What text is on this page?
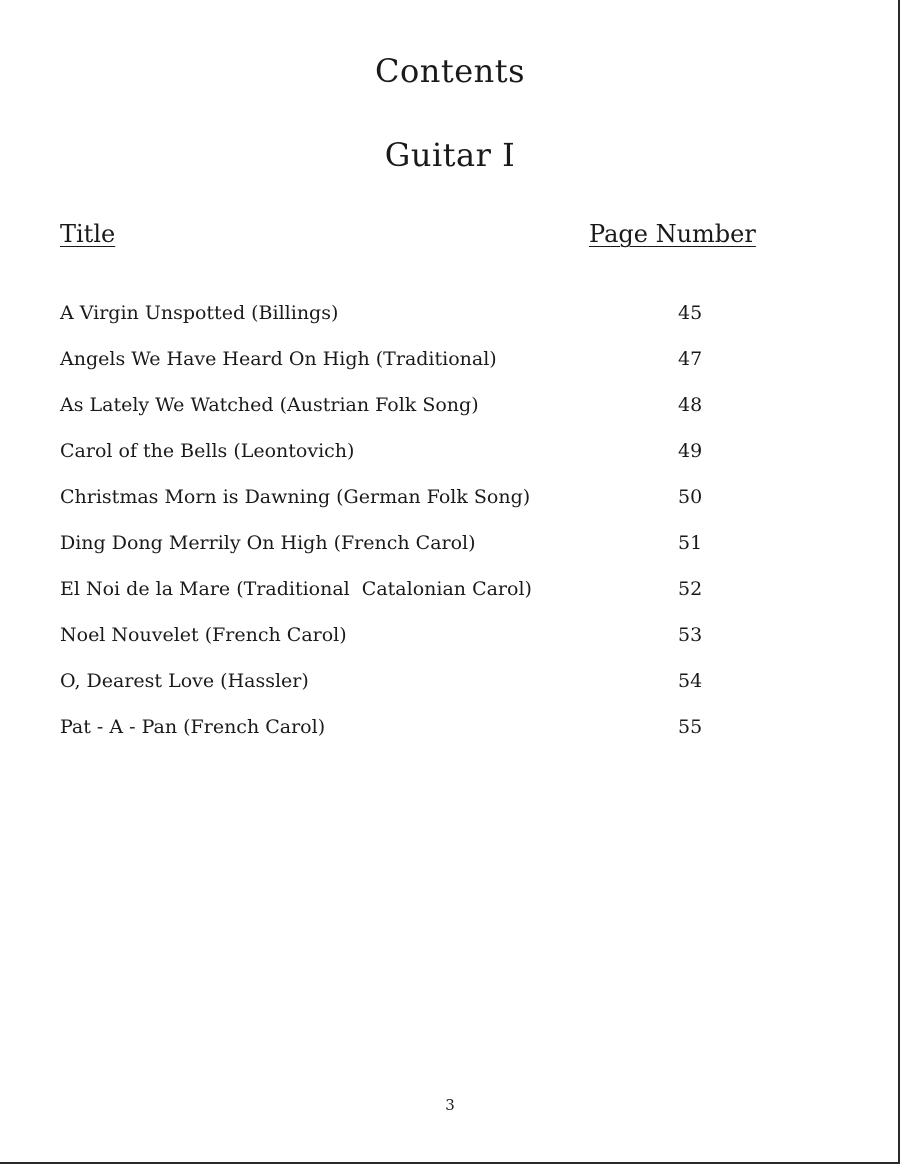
Contents
Guitar I
Title	Page Number
A Virgin Unspotted (Billings)	45
Angels We Have Heard On High (Traditional)	47
As Lately We Watched (Austrian Folk Song)	48
Carol of the Bells (Leontovich)	49
Christmas Morn is Dawning (German Folk Song)	50
Ding Dong Merrily On High (French Carol)	51
El Noi de la Mare (Traditional  Catalonian Carol)	52
Noel Nouvelet (French Carol)	53
O, Dearest Love (Hassler)	54
Pat - A - Pan (French Carol)	55
3
